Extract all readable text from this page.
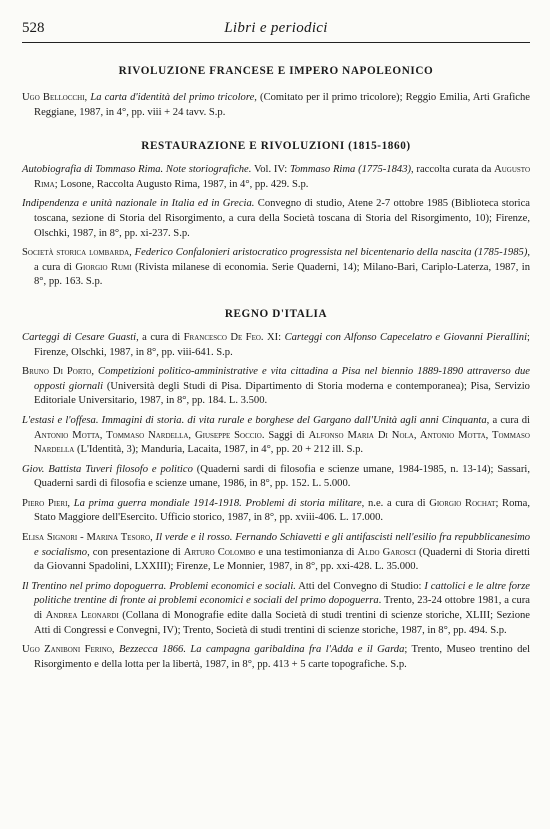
528	Libri e periodici
RIVOLUZIONE FRANCESE E IMPERO NAPOLEONICO

Ugo Bellocchi, La carta d'identità del primo tricolore, (Comitato per il primo tricolore); Reggio Emilia, Arti Grafiche Reggiane, 1987, in 4°, pp. viii + 24 tavv. S.p.

RESTAURAZIONE E RIVOLUZIONI (1815-1860)

Autobiografia di Tommaso Rima. Note storiografiche. Vol. IV: Tommaso Rima (1775-1843), raccolta curata da Augusto Rima; Losone, Raccolta Augusto Rima, 1987, in 4°, pp. 429. S.p.

Indipendenza e unità nazionale in Italia ed in Grecia. Convegno di studio, Atene 2-7 ottobre 1985 (Biblioteca storica toscana, sezione di Storia del Risorgimento, a cura della Società toscana di Storia del Risorgimento, 10); Firenze, Olschki, 1987, in 8°, pp. xi-237. S.p.

Società storica lombarda, Federico Confalonieri aristocratico progressista nel bicentenario della nascita (1785-1985), a cura di Giorgio Rumi (Rivista milanese di economia. Serie Quaderni, 14); Milano-Bari, Cariplo-Laterza, 1987, in 8°, pp. 163. S.p.

REGNO D'ITALIA

Carteggi di Cesare Guasti, a cura di Francesco De Feo. XI: Carteggi con Alfonso Capecelatro e Giovanni Pierallini; Firenze, Olschki, 1987, in 8°, pp. viii-641. S.p.

Bruno Di Porto, Competizioni politico-amministrative e vita cittadina a Pisa nel biennio 1889-1890 attraverso due opposti giornali (Università degli Studi di Pisa. Dipartimento di Storia moderna e contemporanea); Pisa, Servizio Editoriale Universitario, 1987, in 8°, pp. 184. L. 3.500.

L'estasi e l'offesa. Immagini di storia. di vita rurale e borghese del Gargano dall'Unità agli anni Cinquanta, a cura di Antonio Motta, Tommaso Nardella, Giuseppe Soccio. Saggi di Alfonso Maria Di Nola, Antonio Motta, Tommaso Nardella (L'Identità, 3); Manduria, Lacaita, 1987, in 4°, pp. 20 + 212 ill. S.p.

Giov. Battista Tuveri filosofo e politico (Quaderni sardi di filosofia e scienze umane, 1984-1985, n. 13-14); Sassari, Quaderni sardi di filosofia e scienze umane, 1986, in 8°, pp. 152. L. 5.000.

Piero Pieri, La prima guerra mondiale 1914-1918. Problemi di storia militare, n.e. a cura di Giorgio Rochat; Roma, Stato Maggiore dell'Esercito. Ufficio storico, 1987, in 8°, pp. xviii-406. L. 17.000.

Elisa Signori - Marina Tesoro, Il verde e il rosso. Fernando Schiavetti e gli antifascisti nell'esilio fra repubblicanesimo e socialismo, con presentazione di Arturo Colombo e una testimonianza di Aldo Garosci (Quaderni di Storia diretti da Giovanni Spadolini, LXXIII); Firenze, Le Monnier, 1987, in 8°, pp. xxi-428. L. 35.000.

Il Trentino nel primo dopoguerra. Problemi economici e sociali. Atti del Convegno di Studio: I cattolici e le altre forze politiche trentine di fronte ai problemi economici e sociali del primo dopoguerra. Trento, 23-24 ottobre 1981, a cura di Andrea Leonardi (Collana di Monografie edite dalla Società di studi trentini di scienze storiche, XLIII; Sezione Atti di Congressi e Convegni, IV); Trento, Società di studi trentini di scienze storiche, 1987, in 8°, pp. 494. S.p.

Ugo Zaniboni Ferino, Bezzecca 1866. La campagna garibaldina fra l'Adda e il Garda; Trento, Museo trentino del Risorgimento e della lotta per la libertà, 1987, in 8°, pp. 413 + 5 carte topografiche. S.p.
